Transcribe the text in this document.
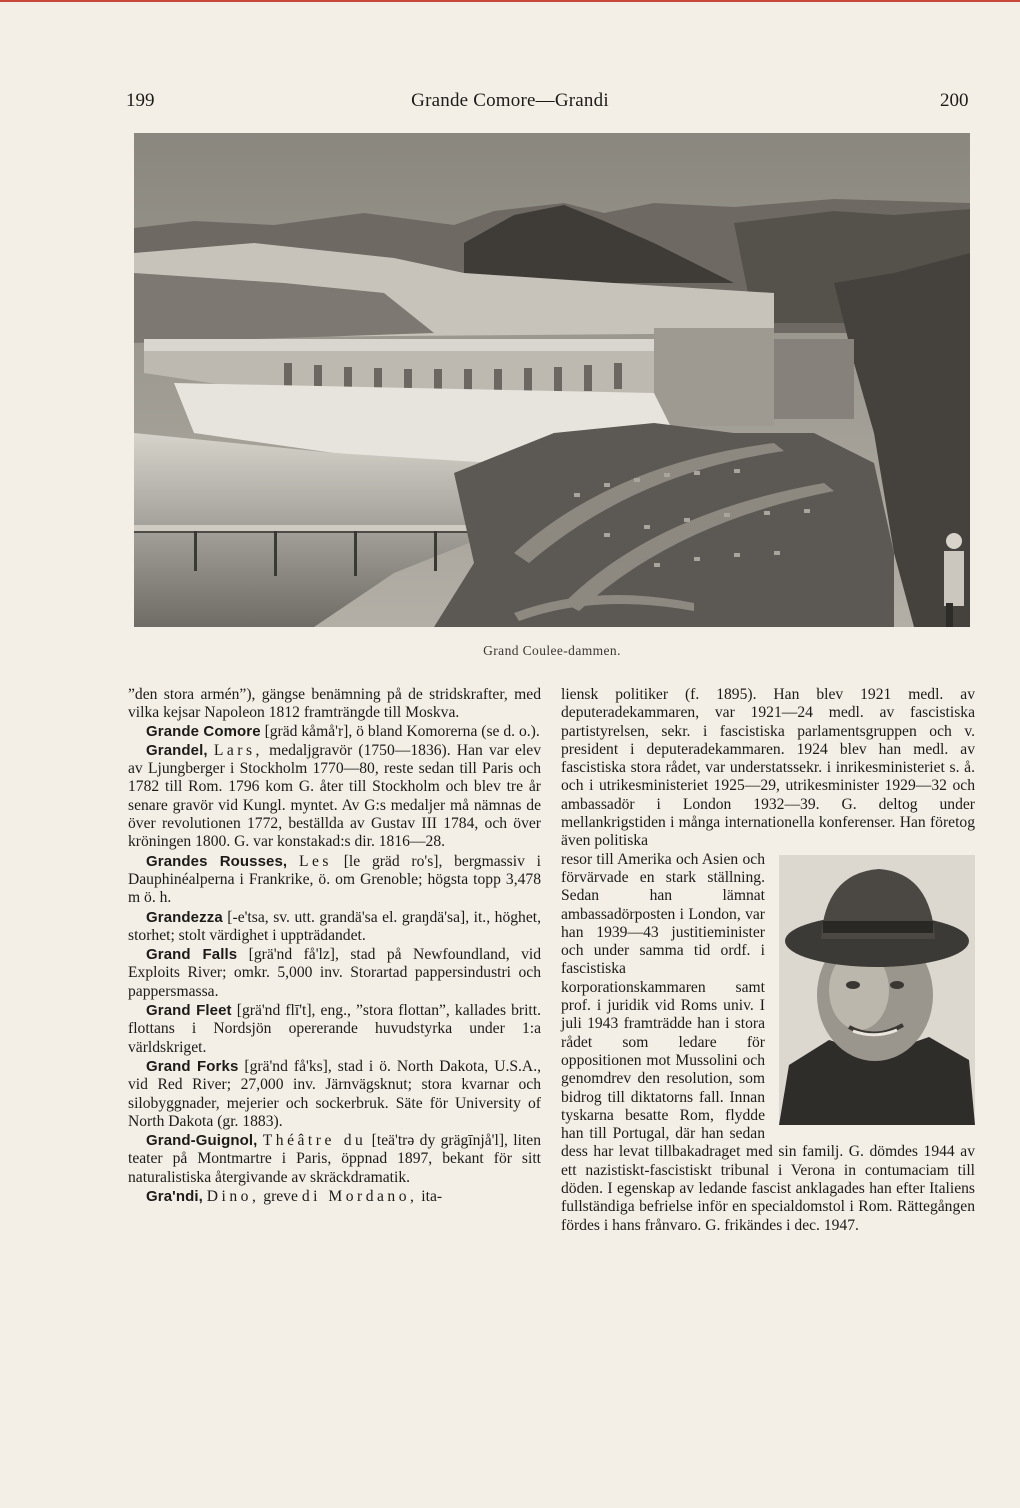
199	Grande Comore—Grandi	200
Grand Coulee-dammen.

”den stora armén”), gängse benämning på de stridskrafter, med vilka kejsar Napoleon 1812 framträngde till Moskva.

Grande Comore [gräd kåmå'r], ö bland Komorerna (se d. o.).

Grandel, Lars, medaljgravör (1750—1836). Han var elev av Ljungberger i Stockholm 1770—80, reste sedan till Paris och 1782 till Rom. 1796 kom G. åter till Stockholm och blev tre år senare gravör vid Kungl. myntet. Av G:s medaljer må nämnas de över revolutionen 1772, beställda av Gustav III 1784, och över kröningen 1800. G. var konstakad:s dir. 1816—28.

Grandes Rousses, Les [le gräd ro's], bergmassiv i Dauphinéalperna i Frankrike, ö. om Grenoble; högsta topp 3,478 m ö. h.

Grandezza [-e'tsa, sv. utt. grandä'sa el. graŋdä'sa], it., höghet, storhet; stolt värdighet i uppträdandet.

Grand Falls [grä'nd få'lz], stad på Newfoundland, vid Exploits River; omkr. 5,000 inv. Storartad pappersindustri och pappersmassa.

Grand Fleet [grä'nd flī't], eng., ”stora flottan”, kallades britt. flottans i Nordsjön opererande huvudstyrka under 1:a världskriget.

Grand Forks [grä'nd få'ks], stad i ö. North Dakota, U.S.A., vid Red River; 27,000 inv. Järnvägsknut; stora kvarnar och silobyggnader, mejerier och sockerbruk. Säte för University of North Dakota (gr. 1883).

Grand-Guignol, Théâtre du [teä'trə dy grägīnjå'l], liten teater på Montmartre i Paris, öppnad 1897, bekant för sitt naturalistiska återgivande av skräckdramatik.

Gra'ndi, Dino, greve di Mordano, ita-

liensk politiker (f. 1895). Han blev 1921 medl. av deputeradekammaren, var 1921—24 medl. av fascistiska partistyrelsen, sekr. i fascistiska parlamentsgruppen och v. president i deputeradekammaren. 1924 blev han medl. av fascistiska stora rådet, var understatssekr. i inrikesministeriet s. å. och i utrikesministeriet 1925—29, utrikesminister 1929—32 och ambassadör i London 1932—39. G. deltog under mellankrigstiden i många internationella konferenser. Han företog även politiska

resor till Amerika och Asien och förvärvade en stark ställning. Sedan han lämnat ambassadörposten i London, var han 1939—43 justitieminister och under samma tid ordf. i fascistiska korporationskammaren samt prof. i juridik vid Roms univ. I juli 1943 framträdde han i stora rådet som ledare för oppositionen mot Mussolini och genomdrev den resolution, som bidrog till diktatorns fall. Innan tyskarna besatte Rom, flydde han till Portugal, där han sedan dess har levat tillbakadraget med sin familj. G. dömdes 1944 av ett nazistiskt-fascistiskt tribunal i Verona in contumaciam till döden. I egenskap av ledande fascist anklagades han efter Italiens fullständiga befrielse inför en specialdomstol i Rom. Rättegången fördes i hans frånvaro. G. frikändes i dec. 1947.
